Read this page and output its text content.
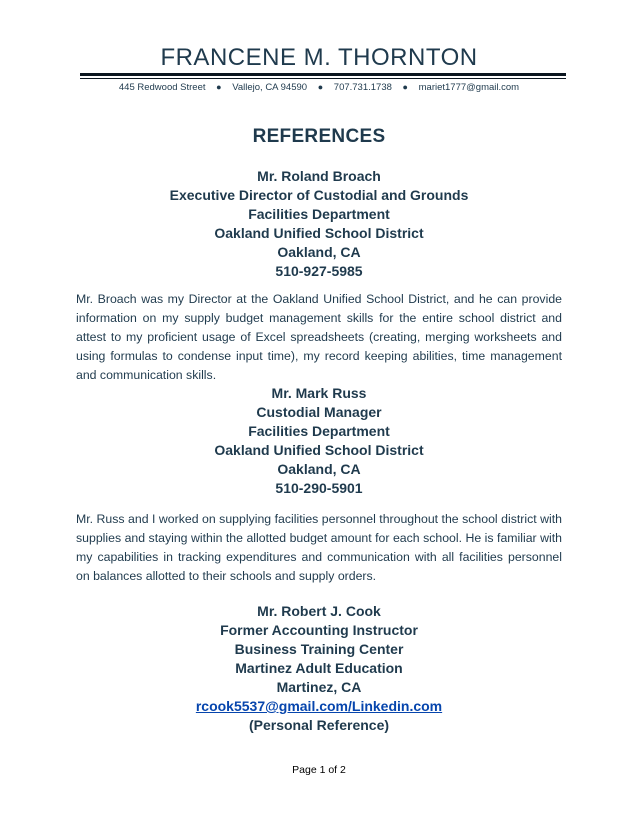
FRANCENE M. THORNTON
445 Redwood Street ● Vallejo, CA 94590 ● 707.731.1738 ● mariet1777@gmail.com
REFERENCES
Mr. Roland Broach
Executive Director of Custodial and Grounds
Facilities Department
Oakland Unified School District
Oakland, CA
510-927-5985
Mr. Broach was my Director at the Oakland Unified School District, and he can provide information on my supply budget management skills for the entire school district and attest to my proficient usage of Excel spreadsheets (creating, merging worksheets and using formulas to condense input time), my record keeping abilities, time management and communication skills.
Mr. Mark Russ
Custodial Manager
Facilities Department
Oakland Unified School District
Oakland, CA
510-290-5901
Mr. Russ and I worked on supplying facilities personnel throughout the school district with supplies and staying within the allotted budget amount for each school. He is familiar with my capabilities in tracking expenditures and communication with all facilities personnel on balances allotted to their schools and supply orders.
Mr. Robert J. Cook
Former Accounting Instructor
Business Training Center
Martinez Adult Education
Martinez, CA
rcook5537@gmail.com/Linkedin.com
(Personal Reference)
Page 1 of 2
